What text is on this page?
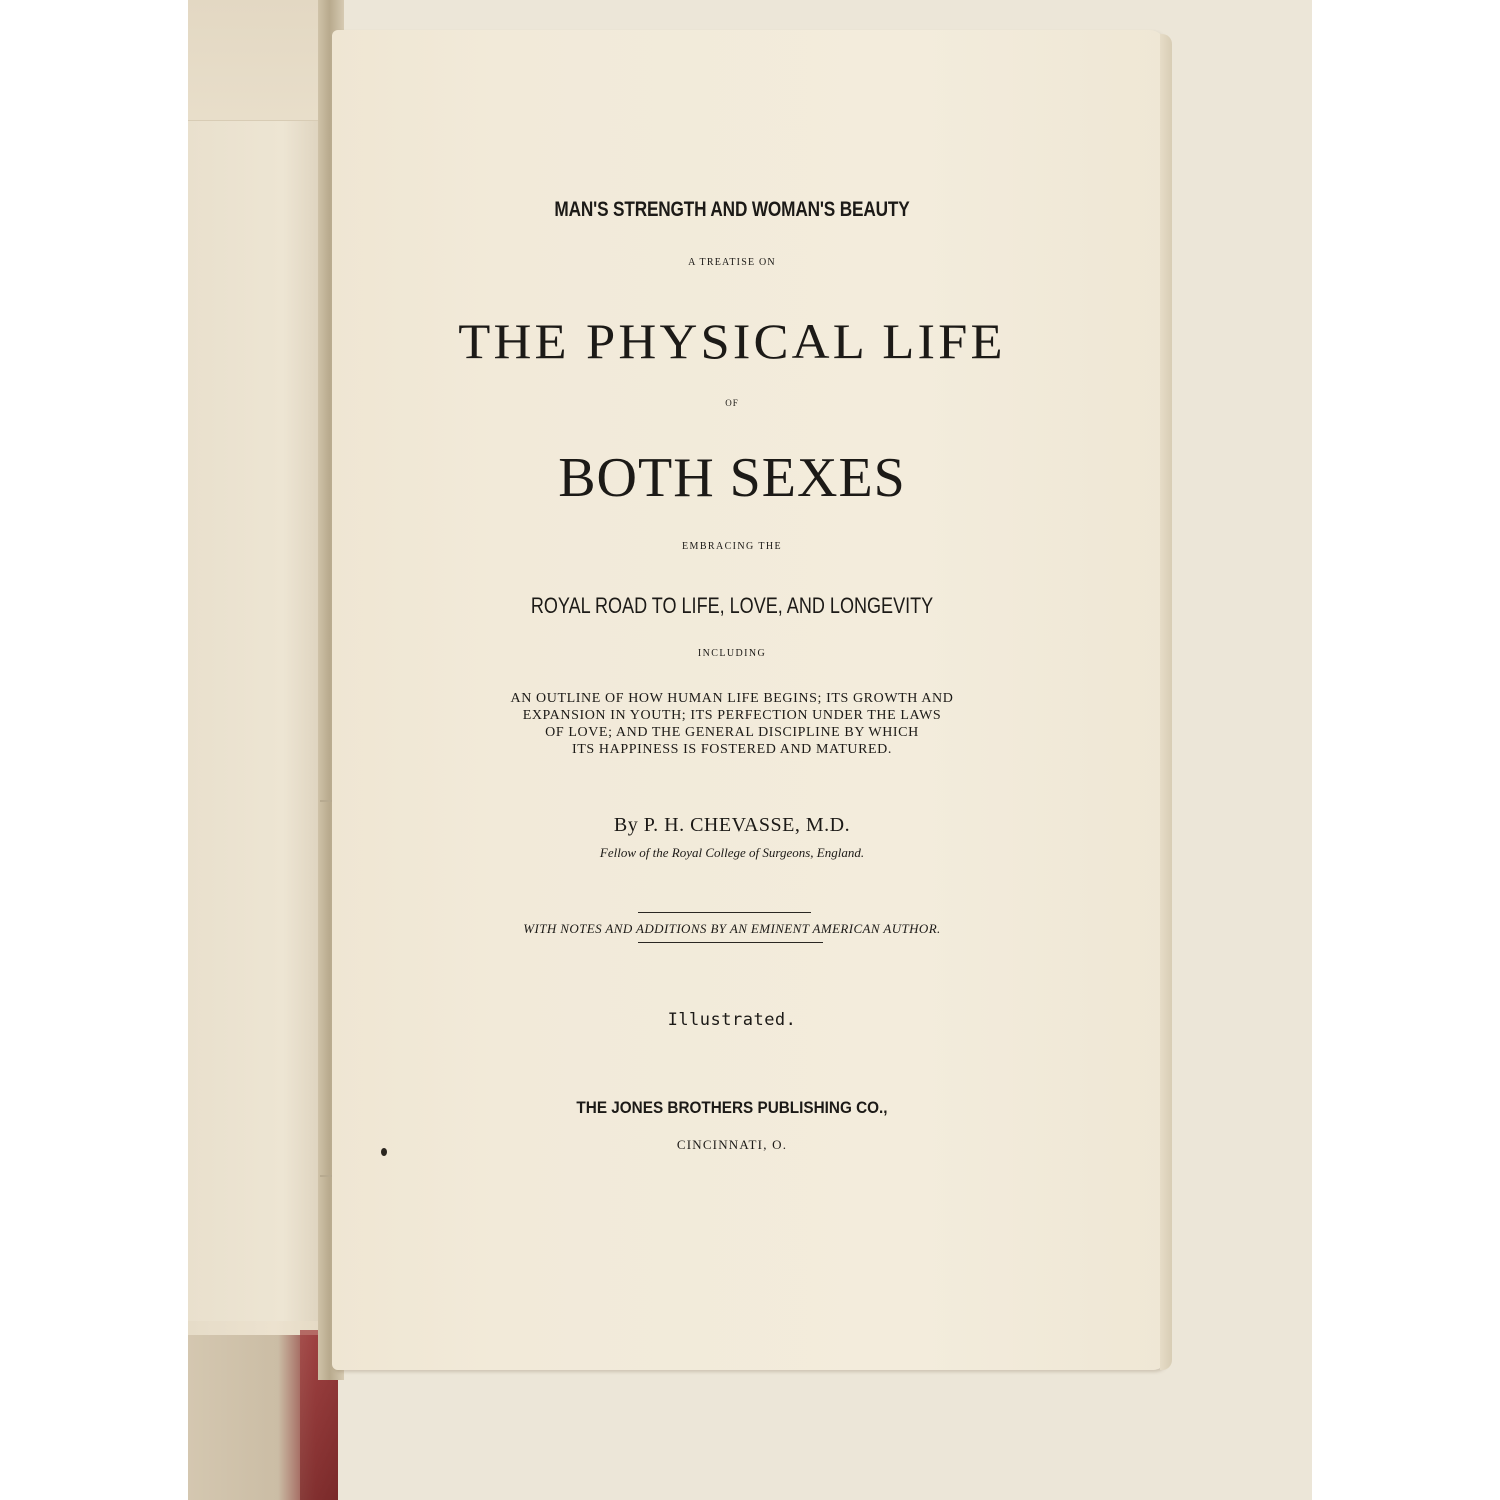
MAN'S STRENGTH AND WOMAN'S BEAUTY

A TREATISE ON

THE PHYSICAL LIFE

OF

BOTH SEXES

EMBRACING THE

ROYAL ROAD TO LIFE, LOVE, AND LONGEVITY

INCLUDING

AN OUTLINE OF HOW HUMAN LIFE BEGINS; ITS GROWTH AND
EXPANSION IN YOUTH; ITS PERFECTION UNDER THE LAWS
OF LOVE; AND THE GENERAL DISCIPLINE BY WHICH
ITS HAPPINESS IS FOSTERED AND MATURED.

By P. H. CHEVASSE, M.D.

Fellow of the Royal College of Surgeons, England.

WITH NOTES AND ADDITIONS BY AN EMINENT AMERICAN AUTHOR.

Illustrated.

THE JONES BROTHERS PUBLISHING CO.,

CINCINNATI, O.
